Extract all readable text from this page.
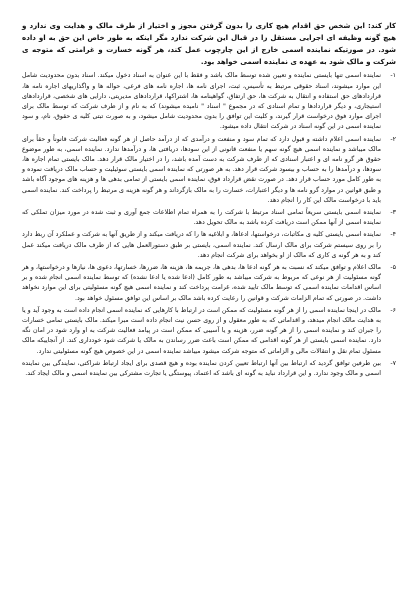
کار کند: این شخص حق اقدام هیچ کاری را بدون گرفتن مجوز و اختیار از طرف مالک و هدایت وی ندارد و هیچ گونه وظیفه ای اجرایی مستقل را در قبال این شرکت ندارد مگر اینکه به طور خاص این حق به او داده شود. در صورتیکه نماینده اسمی خارج از این چارچوب عمل کند، هر گونه خسارت و غرامتی که متوجه ی شرکت و مالک شود به عهده ی نماینده اسمی خواهد بود.

۱-
نماینده اسمی تنها بایستی نماینده و تعیین شده توسط مالک باشد و فقط با این عنوان به اسناد دخول میکند. اسناد بدون محدودیت شامل این موارد میشوند، اسناد حقوقی مرتبط به تأسیس، ثبت، اجرای نامه ها، اجاره نامه های فرعی، حواله ها و واگذاریهای اجاره نامه ها، قراردادهای حق استفاده و انتقال به شرکت ها، حق ارتفاق، گواهینامه ها، اشتراکها، قراردادهای مدیریتی، دارایی های شخصی، قراردادهای استیجاری، و دیگر قراردادها و تمام اسنادی که در مجموع " اسناد " نامیده میشوند) که به نام و از طرف شرکت که توسط مالک برای اجرای موارد فوق درخواست قرار گیرند، و کلیت این توافق را بدون محدودیت شامل میشود، و به صورت تبتی کلیه ی حقوق، نام، و سود نماینده اسمی در این گونه اسناد در شرکت انتقال داده میشود.
۲-
نماینده اسمی اعلام داشته و قبول دارد که تمام سود و منفعت و درآمدی که از درآمد حاصل از هر گونه فعالیت شرکت قانوناً و حقاً برای مالک میباشد و نماینده اسمی هیچ گونه سهم یا منفعت قانونی از این سودها، دریافتی ها، و درآمدها ندارد. نماینده اسمی، به طور موضوع حقوق هر گرو نامه ای و اعتبار اسنادی که از طرف شرکت به دست آمده باشد، را در اختیار مالک قرار دهد. مالک بایستی تمام اجاره ها، سودها، و درآمدها را به حساب و بیسود شرکت قرار دهد. به هر صورتی که نماینده اسمی بایستی سوئیلیت و حساب مالک دریافت نموده و به طور کامل مورد حساب قرار دهد. در صورت نقض قرارداد فوق، نماینده اسمی بایستی از تمامی بدهی ها و هزینه های موجود آگاه باشد و طبق قوانین در موارد گرو نامه ها و دیگر اعتبارات، خسارت را به مالک بازگرداند و هر گونه هزینه ی مرتبط را پرداخت کند. نماینده اسمی باید با درخواست مالک این کار را انجام دهد.
۳-
نماینده اسمی بایستی سریعاً تمامی اسناد مرتبط با شرکت را به همراه تمام اطلاعات جمع آوری و ثبت شده در مورد میزان تملکی که نماینده اسمی از آنها ممکن است دریافت کرده باشد به مالک تحویل دهد.
۴-
نماینده اسمی بایستی کلیه ی مکاتبات، درخواستها، ادعاها، و ابلاغیه ها را که دریافت میکند و از طریق آنها به شرکت و عملکرد آن ربط دارد را بر روی سیستم شرکت برای مالک ارسال کند. نماینده اسمی، بایستی بر طبق دستورالعمل هایی که از طرف مالک دریافت میکند عمل کند و به هر گونه ی کاری که مالک از او بخواهد برای شرکت انجام دهد.
۵-
مالک اعلام و توافق میکند که نسبت به هر گونه ادعا ها، بدهی ها، جریمه ها، هزینه ها، ضررها، خسارتها، دعوی ها، نیازها و درخواستها، و هر گونه مسئولیت از هر نوعی که مربوط به شرکت میباشد به طور کامل (ادعا شده یا ادعا نشده) که توسط نماینده اسمی انجام شده و بر اساس اقدامات نماینده اسمی که توسط مالک تایید شده، غرامت پرداخت کند و نماینده اسمی هیچ گونه مسئولیتی برای این موارد نخواهد داشت. در صورتی که تمام الزامات شرکت و قوانین را رعایت کرده باشد مالک بر اساس این توافق مسئول خواهد بود.
۶-
مالک در اینجا نماینده اسمی را از هر گونه مسئولیت که ممکن است در ارتباط با کارهایی که نماینده اسمی انجام داده است به وجود آید و یا به هدایت مالک انجام میدهد، و اقداماتی که به طور معقول و از روی حسن نیت انجام داده است مبرا میکند. مالک بایستی تمامی خسارات را جبران کند و نماینده اسمی را از هر گونه ضرر، هزینه و یا آسیبی که ممکن است در پیامد فعالیت شرکت به او وارد شود در امان نگه دارد. نماینده اسمی بایستی از هر گونه اقدامی که ممکن است باعث ضرر رساندن به مالک یا شرکت شود خودداری کند. از آنجاییکه مالک مسئول تمام نقل و انتقالات مالی و الزاماتی که متوجه شرکت میشود میباشد نماینده اسمی در این خصوص هیچ گونه مسئولیتی ندارد.
۷-
بین طرفین توافق گردید که ارتباط بین آنها ارتباط تعیین کردن نماینده بوده و هیچ قصدی برای ایجاد ارتباط شراکتی، نمایندگی بین نماینده اسمی و مالک وجود ندارد. و این قرارداد نباید به گونه ای باشد که اعتماد، پیوستگی یا تجارت مشترکی بین نماینده اسمی و مالک ایجاد کند.
